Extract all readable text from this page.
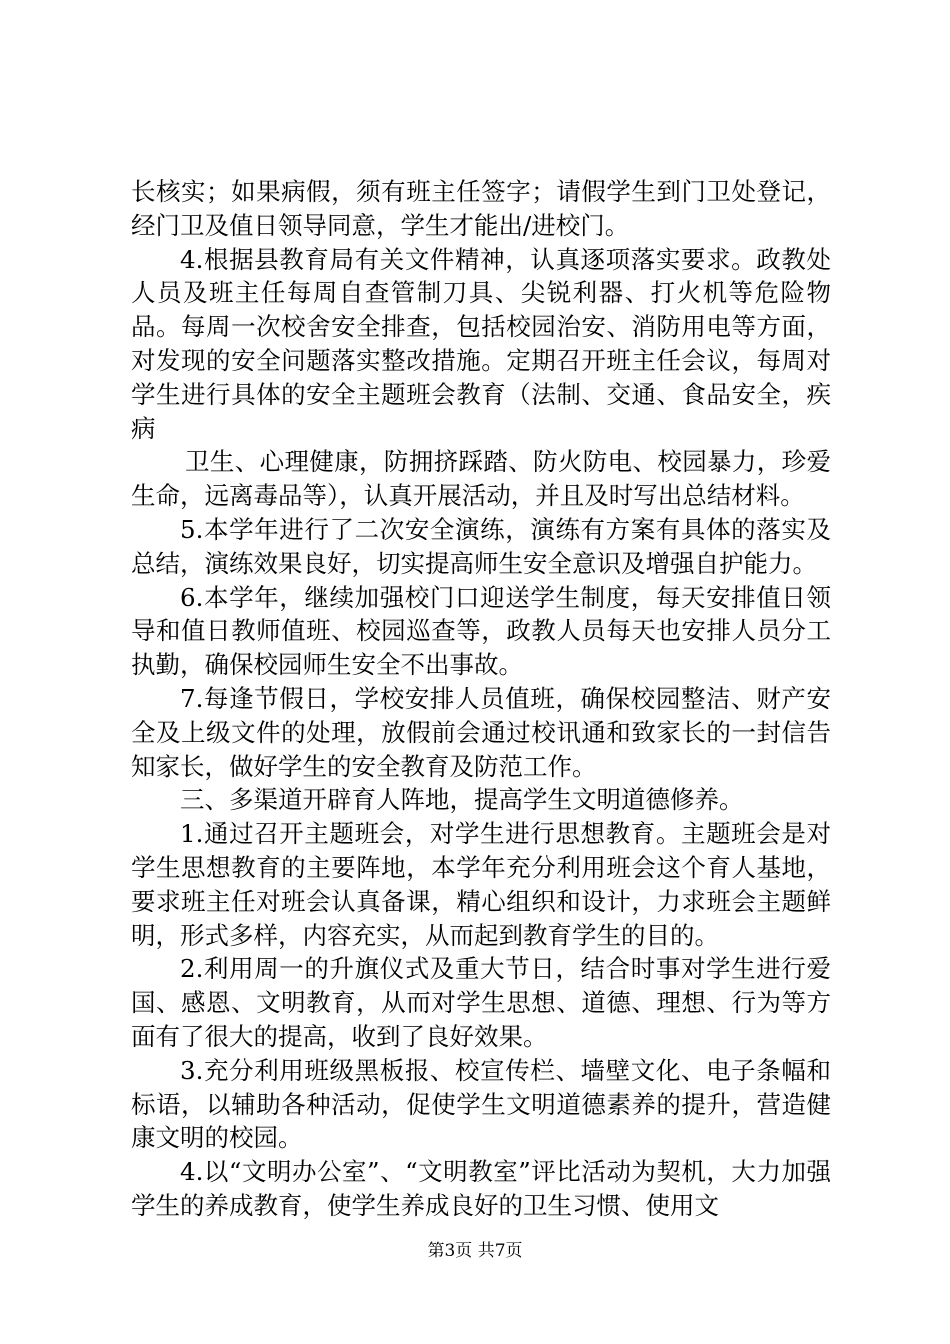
长核实；如果病假，须有班主任签字；请假学生到门卫处登记，经门卫及值日领导同意，学生才能出/进校门。

4.根据县教育局有关文件精神，认真逐项落实要求。政教处人员及班主任每周自查管制刀具、尖锐利器、打火机等危险物品。每周一次校舍安全排查，包括校园治安、消防用电等方面，对发现的安全问题落实整改措施。定期召开班主任会议，每周对学生进行具体的安全主题班会教育（法制、交通、食品安全，疾病

卫生、心理健康，防拥挤踩踏、防火防电、校园暴力，珍爱生命，远离毒品等），认真开展活动，并且及时写出总结材料。

5.本学年进行了二次安全演练，演练有方案有具体的落实及总结，演练效果良好，切实提高师生安全意识及增强自护能力。

6.本学年，继续加强校门口迎送学生制度，每天安排值日领导和值日教师值班、校园巡查等，政教人员每天也安排人员分工执勤，确保校园师生安全不出事故。

7.每逢节假日，学校安排人员值班，确保校园整洁、财产安全及上级文件的处理，放假前会通过校讯通和致家长的一封信告知家长，做好学生的安全教育及防范工作。

三、多渠道开辟育人阵地，提高学生文明道德修养。

1.通过召开主题班会，对学生进行思想教育。主题班会是对学生思想教育的主要阵地，本学年充分利用班会这个育人基地，要求班主任对班会认真备课，精心组织和设计，力求班会主题鲜明，形式多样，内容充实，从而起到教育学生的目的。

2.利用周一的升旗仪式及重大节日，结合时事对学生进行爱国、感恩、文明教育，从而对学生思想、道德、理想、行为等方面有了很大的提高，收到了良好效果。

3.充分利用班级黑板报、校宣传栏、墙壁文化、电子条幅和标语，以辅助各种活动，促使学生文明道德素养的提升，营造健康文明的校园。

4.以“文明办公室”、“文明教室”评比活动为契机，大力加强学生的养成教育，使学生养成良好的卫生习惯、使用文

第3页 共7页
